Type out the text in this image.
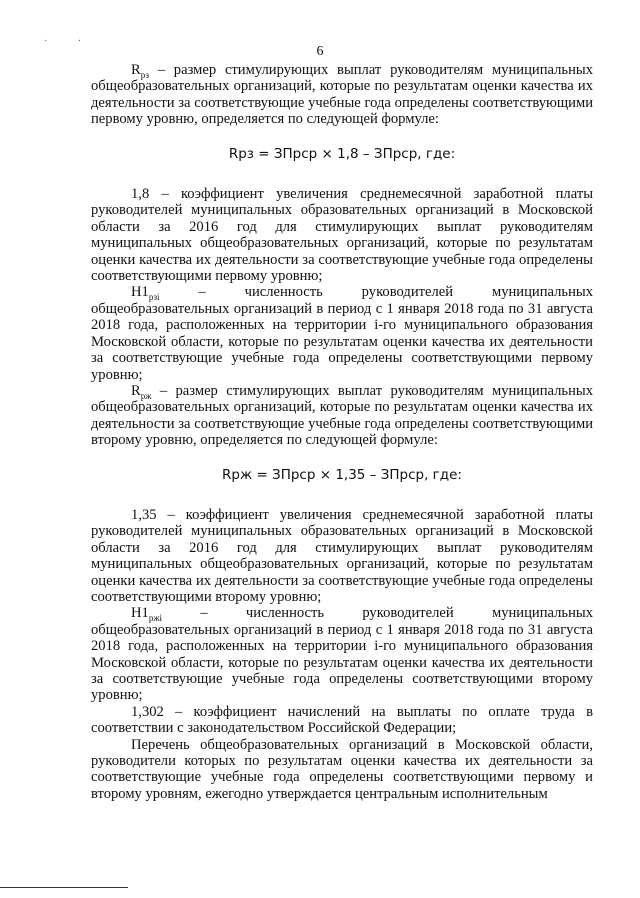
· ·
6

$R_{рз}$ – размер стимулирующих выплат руководителям муниципальных общеобразовательных организаций, которые по результатам оценки качества их деятельности за соответствующие учебные года определены соответствующими первому уровню, определяется по следующей формуле:

Rрз = ЗПрср × 1,8 – ЗПрср, где:

1,8 – коэффициент увеличения среднемесячной заработной платы руководителей муниципальных образовательных организаций в Московской области за 2016 год для стимулирующих выплат руководителям муниципальных общеобразовательных организаций, которые по результатам оценки качества их деятельности за соответствующие учебные года определены соответствующими первому уровню;

$Н1_{рзi}$ – численность руководителей муниципальных общеобразовательных организаций в период с 1 января 2018 года по 31 августа 2018 года, расположенных на территории i-го муниципального образования Московской области, которые по результатам оценки качества их деятельности за соответствующие учебные года определены соответствующими первому уровню;

$R_{рж}$ – размер стимулирующих выплат руководителям муниципальных общеобразовательных организаций, которые по результатам оценки качества их деятельности за соответствующие учебные года определены соответствующими второму уровню, определяется по следующей формуле:

Rрж = ЗПрср × 1,35 – ЗПрср, где:

1,35 – коэффициент увеличения среднемесячной заработной платы руководителей муниципальных образовательных организаций в Московской области за 2016 год для стимулирующих выплат руководителям муниципальных общеобразовательных организаций, которые по результатам оценки качества их деятельности за соответствующие учебные года определены соответствующими второму уровню;

$Н1_{ржi}$ – численность руководителей муниципальных общеобразовательных организаций в период с 1 января 2018 года по 31 августа 2018 года, расположенных на территории i-го муниципального образования Московской области, которые по результатам оценки качества их деятельности за соответствующие учебные года определены соответствующими второму уровню;

1,302 – коэффициент начислений на выплаты по оплате труда в соответствии с законодательством Российской Федерации;

Перечень общеобразовательных организаций в Московской области, руководители которых по результатам оценки качества их деятельности за соответствующие учебные года определены соответствующими первому и второму уровням, ежегодно утверждается центральным исполнительным
